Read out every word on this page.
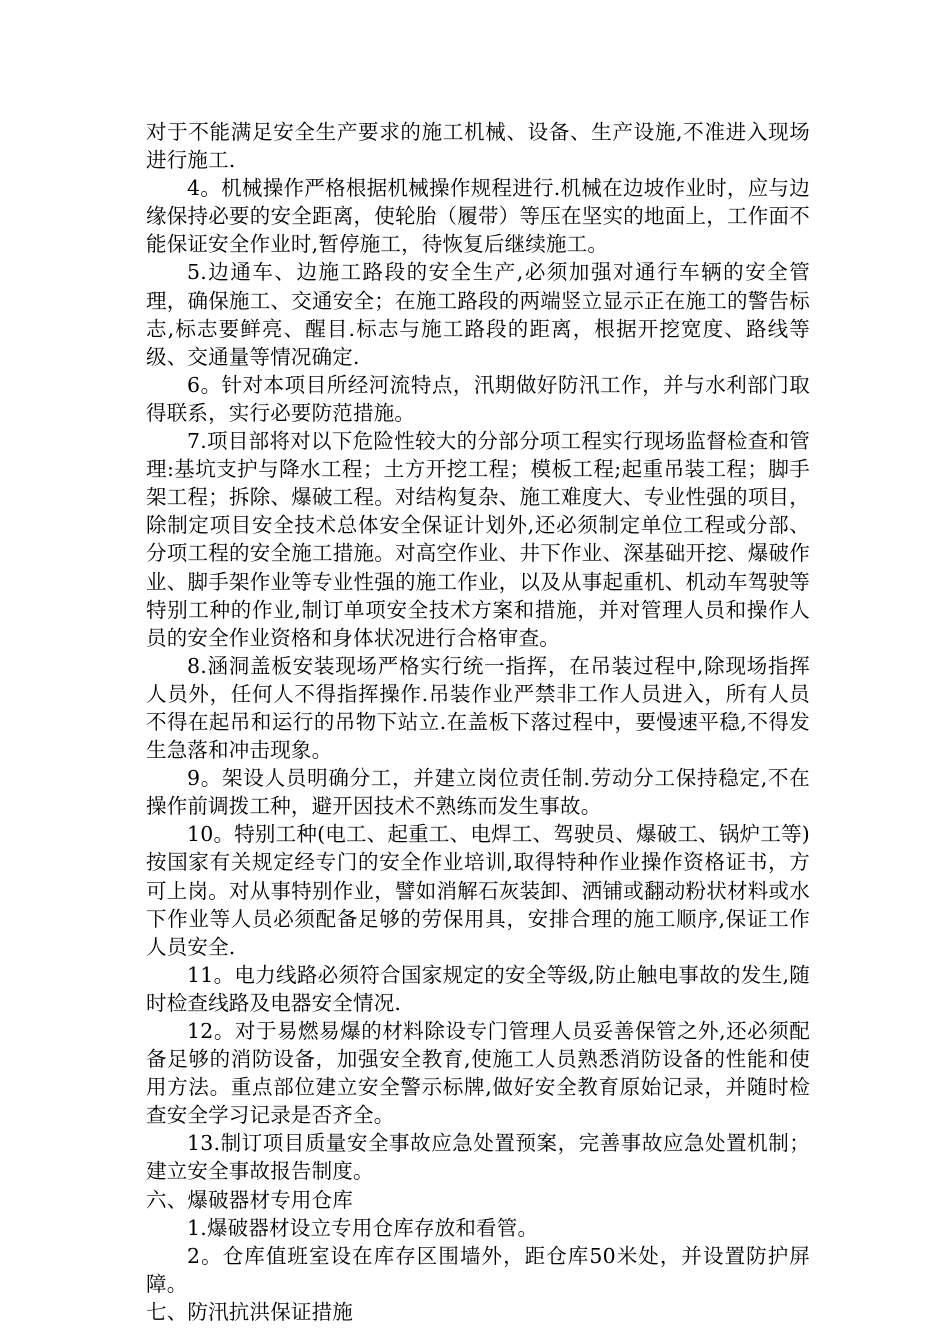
对于不能满足安全生产要求的施工机械、设备、生产设施,不准进入现场进行施工.

4。机械操作严格根据机械操作规程进行.机械在边坡作业时，应与边缘保持必要的安全距离，使轮胎（履带）等压在坚实的地面上，工作面不能保证安全作业时,暂停施工，待恢复后继续施工。

5.边通车、边施工路段的安全生产,必须加强对通行车辆的安全管理，确保施工、交通安全；在施工路段的两端竖立显示正在施工的警告标志,标志要鲜亮、醒目.标志与施工路段的距离，根据开挖宽度、路线等级、交通量等情况确定.

6。针对本项目所经河流特点，汛期做好防汛工作，并与水利部门取得联系，实行必要防范措施。

7.项目部将对以下危险性较大的分部分项工程实行现场监督检查和管理:基坑支护与降水工程；土方开挖工程；模板工程;起重吊装工程；脚手架工程；拆除、爆破工程。对结构复杂、施工难度大、专业性强的项目，除制定项目安全技术总体安全保证计划外,还必须制定单位工程或分部、分项工程的安全施工措施。对高空作业、井下作业、深基础开挖、爆破作业、脚手架作业等专业性强的施工作业，以及从事起重机、机动车驾驶等特别工种的作业,制订单项安全技术方案和措施，并对管理人员和操作人员的安全作业资格和身体状况进行合格审查。

8.涵洞盖板安装现场严格实行统一指挥，在吊装过程中,除现场指挥人员外，任何人不得指挥操作.吊装作业严禁非工作人员进入，所有人员不得在起吊和运行的吊物下站立.在盖板下落过程中，要慢速平稳,不得发生急落和冲击现象。

9。架设人员明确分工，并建立岗位责任制.劳动分工保持稳定,不在操作前调拨工种，避开因技术不熟练而发生事故。

10。特别工种(电工、起重工、电焊工、驾驶员、爆破工、锅炉工等)按国家有关规定经专门的安全作业培训,取得特种作业操作资格证书，方可上岗。对从事特别作业，譬如消解石灰装卸、洒铺或翻动粉状材料或水下作业等人员必须配备足够的劳保用具，安排合理的施工顺序,保证工作人员安全.

11。电力线路必须符合国家规定的安全等级,防止触电事故的发生,随时检查线路及电器安全情况.

12。对于易燃易爆的材料除设专门管理人员妥善保管之外,还必须配备足够的消防设备，加强安全教育,使施工人员熟悉消防设备的性能和使用方法。重点部位建立安全警示标牌,做好安全教育原始记录，并随时检查安全学习记录是否齐全。

13.制订项目质量安全事故应急处置预案，完善事故应急处置机制；建立安全事故报告制度。

六、爆破器材专用仓库

1.爆破器材设立专用仓库存放和看管。

2。仓库值班室设在库存区围墙外，距仓库50米处，并设置防护屏障。

七、防汛抗洪保证措施
